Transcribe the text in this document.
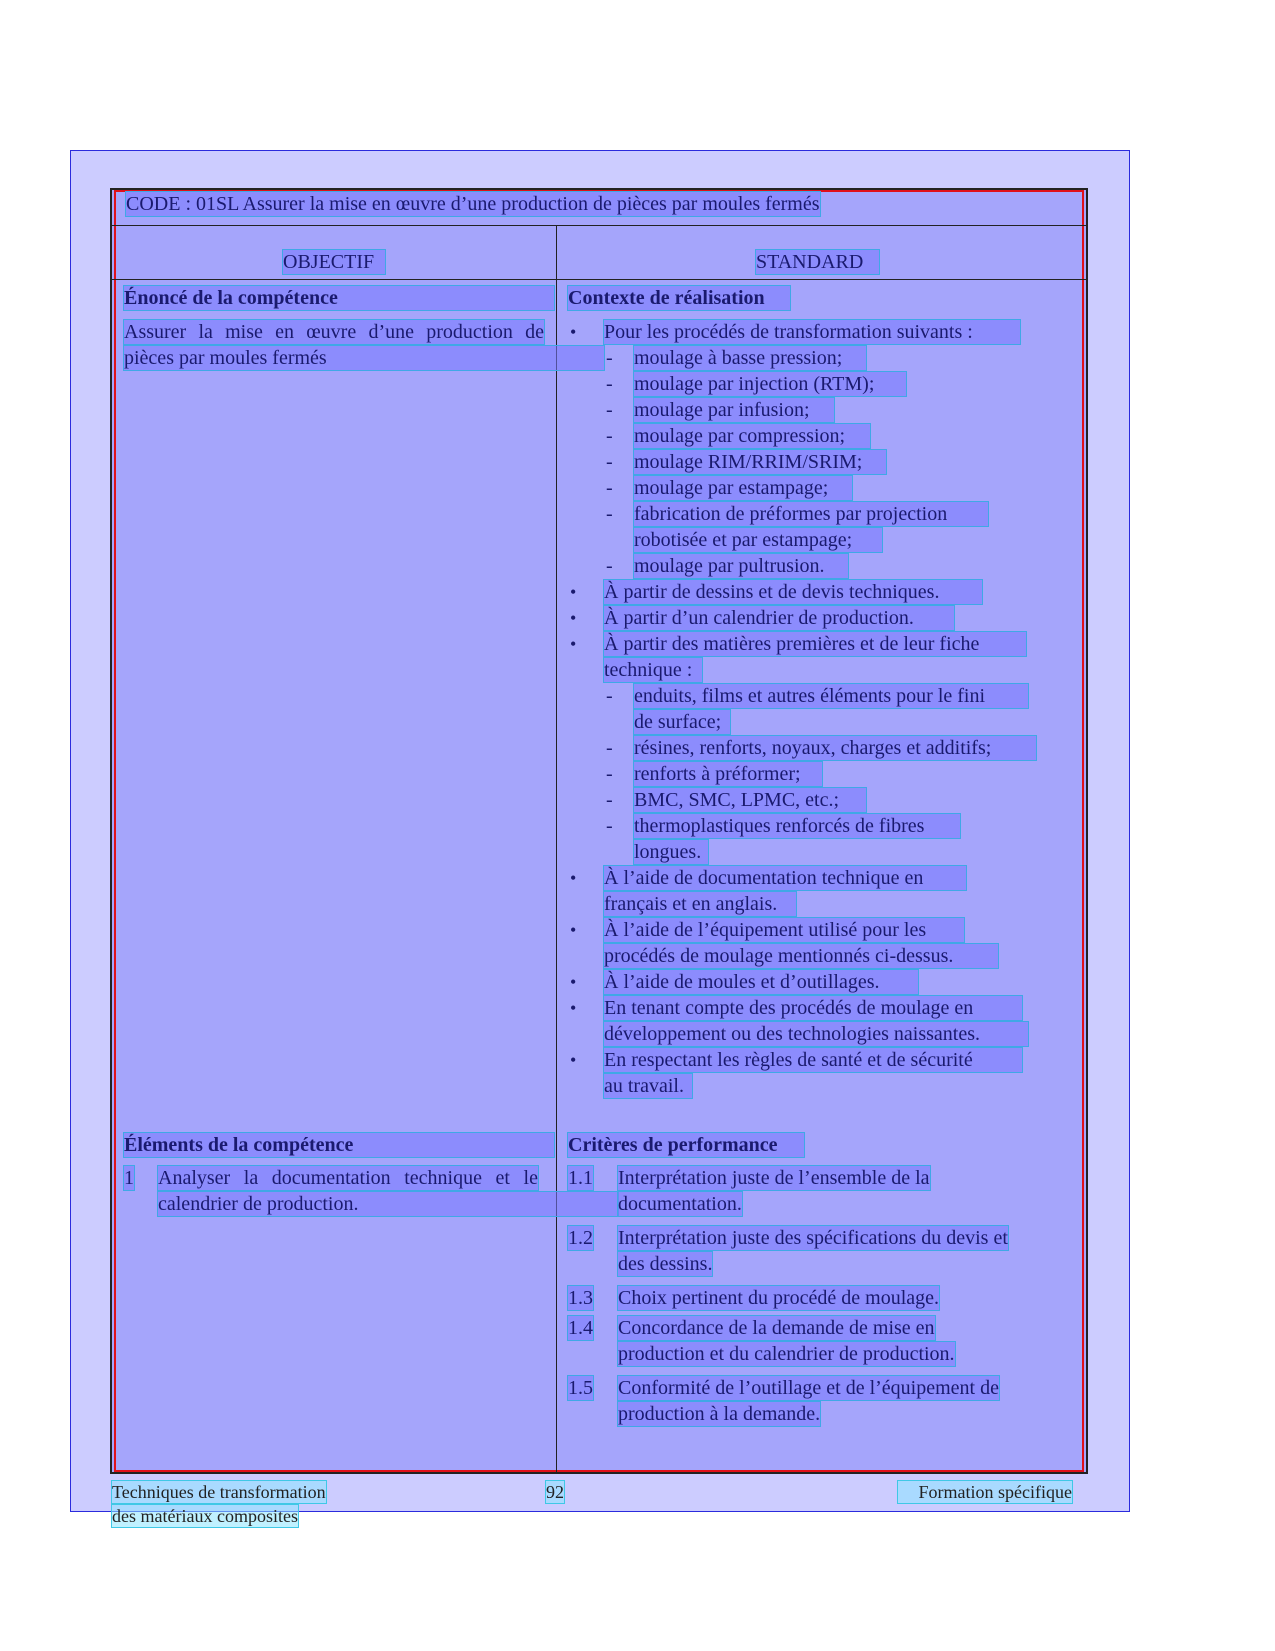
CODE : 01SL Assurer la mise en œuvre d’une production de pièces par moules fermés
OBJECTIF	STANDARD
Énoncé de la compétence
Assurer la mise en œuvre d’une production de
pièces par moules fermés
Éléments de la compétence
1 Analyser la documentation technique et le
calendrier de production.
Contexte de réalisation
• Pour les procédés de transformation suivants :
- moulage à basse pression;
- moulage par injection (RTM);
- moulage par infusion;
- moulage par compression;
- moulage RIM/RRIM/SRIM;
- moulage par estampage;
- fabrication de préformes par projection
robotisée et par estampage;
- moulage par pultrusion.
• À partir de dessins et de devis techniques.
• À partir d’un calendrier de production.
• À partir des matières premières et de leur fiche
technique :
- enduits, films et autres éléments pour le fini
de surface;
- résines, renforts, noyaux, charges et additifs;
- renforts à préformer;
- BMC, SMC, LPMC, etc.;
- thermoplastiques renforcés de fibres
longues.
• À l’aide de documentation technique en
français et en anglais.
• À l’aide de l’équipement utilisé pour les
procédés de moulage mentionnés ci-dessus.
• À l’aide de moules et d’outillages.
• En tenant compte des procédés de moulage en
développement ou des technologies naissantes.
• En respectant les règles de santé et de sécurité
au travail.
Critères de performance
1.1 Interprétation juste de l’ensemble de la
documentation.
1.2 Interprétation juste des spécifications du devis et
des dessins.
1.3 Choix pertinent du procédé de moulage.
1.4 Concordance de la demande de mise en
production et du calendrier de production.
1.5 Conformité de l’outillage et de l’équipement de
production à la demande.
Techniques de transformation
des matériaux composites
92	Formation spécifique
